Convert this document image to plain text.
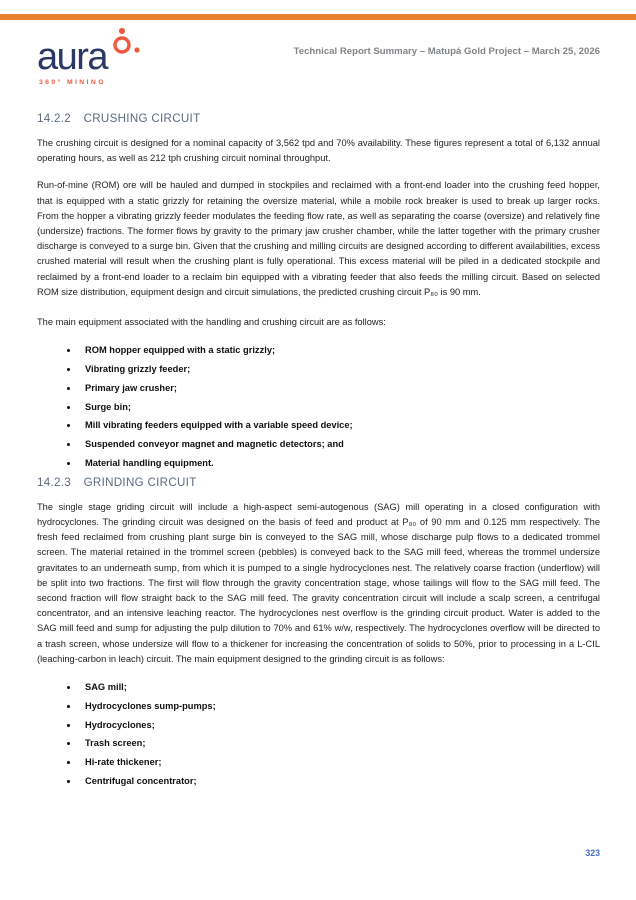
aura
360° MINING
Technical Report Summary – Matupá Gold Project – March 25, 2026
14.2.2 CRUSHING CIRCUIT

The crushing circuit is designed for a nominal capacity of 3,562 tpd and 70% availability. These figures represent a total of 6,132 annual operating hours, as well as 212 tph crushing circuit nominal throughput.

Run-of-mine (ROM) ore will be hauled and dumped in stockpiles and reclaimed with a front-end loader into the crushing feed hopper, that is equipped with a static grizzly for retaining the oversize material, while a mobile rock breaker is used to break up larger rocks. From the hopper a vibrating grizzly feeder modulates the feeding flow rate, as well as separating the coarse (oversize) and relatively fine (undersize) fractions. The former flows by gravity to the primary jaw crusher chamber, while the latter together with the primary crusher discharge is conveyed to a surge bin. Given that the crushing and milling circuits are designed according to different availabilities, excess crushed material will result when the crushing plant is fully operational. This excess material will be piled in a dedicated stockpile and reclaimed by a front-end loader to a reclaim bin equipped with a vibrating feeder that also feeds the milling circuit. Based on selected ROM size distribution, equipment design and circuit simulations, the predicted crushing circuit P₈₀ is 90 mm.

The main equipment associated with the handling and crushing circuit are as follows:

• ROM hopper equipped with a static grizzly;
• Vibrating grizzly feeder;
• Primary jaw crusher;
• Surge bin;
• Mill vibrating feeders equipped with a variable speed device;
• Suspended conveyor magnet and magnetic detectors; and
• Material handling equipment.
14.2.3 GRINDING CIRCUIT

The single stage griding circuit will include a high-aspect semi-autogenous (SAG) mill operating in a closed configuration with hydrocyclones. The grinding circuit was designed on the basis of feed and product at P₈₀ of 90 mm and 0.125 mm respectively. The fresh feed reclaimed from crushing plant surge bin is conveyed to the SAG mill, whose discharge pulp flows to a dedicated trommel screen. The material retained in the trommel screen (pebbles) is conveyed back to the SAG mill feed, whereas the trommel undersize gravitates to an underneath sump, from which it is pumped to a single hydrocyclones nest. The relatively coarse fraction (underflow) will be split into two fractions. The first will flow through the gravity concentration stage, whose tailings will flow to the SAG mill feed. The second fraction will flow straight back to the SAG mill feed. The gravity concentration circuit will include a scalp screen, a centrifugal concentrator, and an intensive leaching reactor. The hydrocyclones nest overflow is the grinding circuit product. Water is added to the SAG mill feed and sump for adjusting the pulp dilution to 70% and 61% w/w, respectively. The hydrocyclones overflow will be directed to a trash screen, whose undersize will flow to a thickener for increasing the concentration of solids to 50%, prior to processing in a L-CIL (leaching-carbon in leach) circuit. The main equipment designed to the grinding circuit is as follows:

• SAG mill;
• Hydrocyclones sump-pumps;
• Hydrocyclones;
• Trash screen;
• Hi-rate thickener;
• Centrifugal concentrator;
323
